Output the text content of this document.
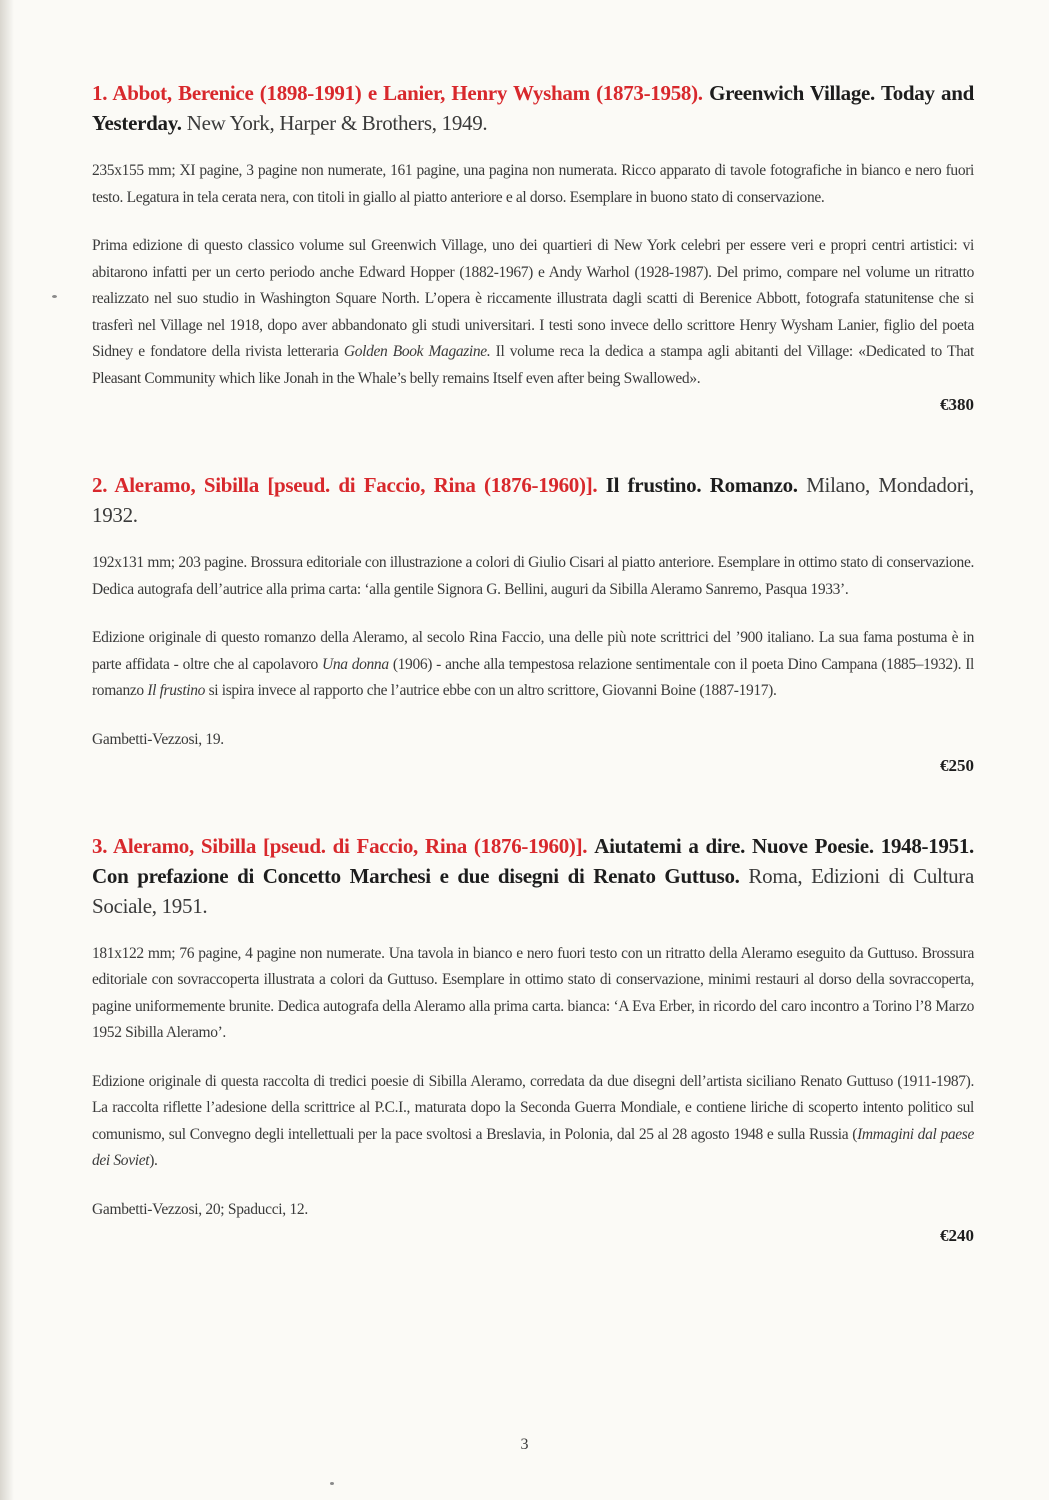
1. Abbot, Berenice (1898-1991) e Lanier, Henry Wysham (1873-1958). Greenwich Village. Today and Yesterday. New York, Harper & Brothers, 1949.

235x155 mm; XI pagine, 3 pagine non numerate, 161 pagine, una pagina non numerata. Ricco apparato di tavole fotografiche in bianco e nero fuori testo. Legatura in tela cerata nera, con titoli in giallo al piatto anteriore e al dorso. Esemplare in buono stato di conservazione.

Prima edizione di questo classico volume sul Greenwich Village, uno dei quartieri di New York celebri per essere veri e propri centri artistici: vi abitarono infatti per un certo periodo anche Edward Hopper (1882-1967) e Andy Warhol (1928-1987). Del primo, compare nel volume un ritratto realizzato nel suo studio in Washington Square North. L’opera è riccamente illustrata dagli scatti di Berenice Abbott, fotografa statunitense che si trasferì nel Village nel 1918, dopo aver abbandonato gli studi universitari. I testi sono invece dello scrittore Henry Wysham Lanier, figlio del poeta Sidney e fondatore della rivista letteraria Golden Book Magazine. Il volume reca la dedica a stampa agli abitanti del Village: «Dedicated to That Pleasant Community which like Jonah in the Whale’s belly remains Itself even after being Swallowed».

€380

2. Aleramo, Sibilla [pseud. di Faccio, Rina (1876-1960)]. Il frustino. Romanzo. Milano, Mondadori, 1932.

192x131 mm; 203 pagine. Brossura editoriale con illustrazione a colori di Giulio Cisari al piatto anteriore. Esemplare in ottimo stato di conservazione. Dedica autografa dell’autrice alla prima carta: ‘alla gentile Signora G. Bellini, auguri da Sibilla Aleramo Sanremo, Pasqua 1933’.

Edizione originale di questo romanzo della Aleramo, al secolo Rina Faccio, una delle più note scrittrici del ’900 italiano. La sua fama postuma è in parte affidata - oltre che al capolavoro Una donna (1906) - anche alla tempestosa relazione sentimentale con il poeta Dino Campana (1885–1932). Il romanzo Il frustino si ispira invece al rapporto che l’autrice ebbe con un altro scrittore, Giovanni Boine (1887-1917).

Gambetti-Vezzosi, 19.

€250

3. Aleramo, Sibilla [pseud. di Faccio, Rina (1876-1960)]. Aiutatemi a dire. Nuove Poesie. 1948-1951. Con prefazione di Concetto Marchesi e due disegni di Renato Guttuso. Roma, Edizioni di Cultura Sociale, 1951.

181x122 mm; 76 pagine, 4 pagine non numerate. Una tavola in bianco e nero fuori testo con un ritratto della Aleramo eseguito da Guttuso. Brossura editoriale con sovraccoperta illustrata a colori da Guttuso. Esemplare in ottimo stato di conservazione, minimi restauri al dorso della sovraccoperta, pagine uniformemente brunite. Dedica autografa della Aleramo alla prima carta. bianca: ‘A Eva Erber, in ricordo del caro incontro a Torino l’8 Marzo 1952 Sibilla Aleramo’.

Edizione originale di questa raccolta di tredici poesie di Sibilla Aleramo, corredata da due disegni dell’artista siciliano Renato Guttuso (1911-1987). La raccolta riflette l’adesione della scrittrice al P.C.I., maturata dopo la Seconda Guerra Mondiale, e contiene liriche di scoperto intento politico sul comunismo, sul Convegno degli intellettuali per la pace svoltosi a Breslavia, in Polonia, dal 25 al 28 agosto 1948 e sulla Russia (Immagini dal paese dei Soviet).

Gambetti-Vezzosi, 20; Spaducci, 12.

€240

3
